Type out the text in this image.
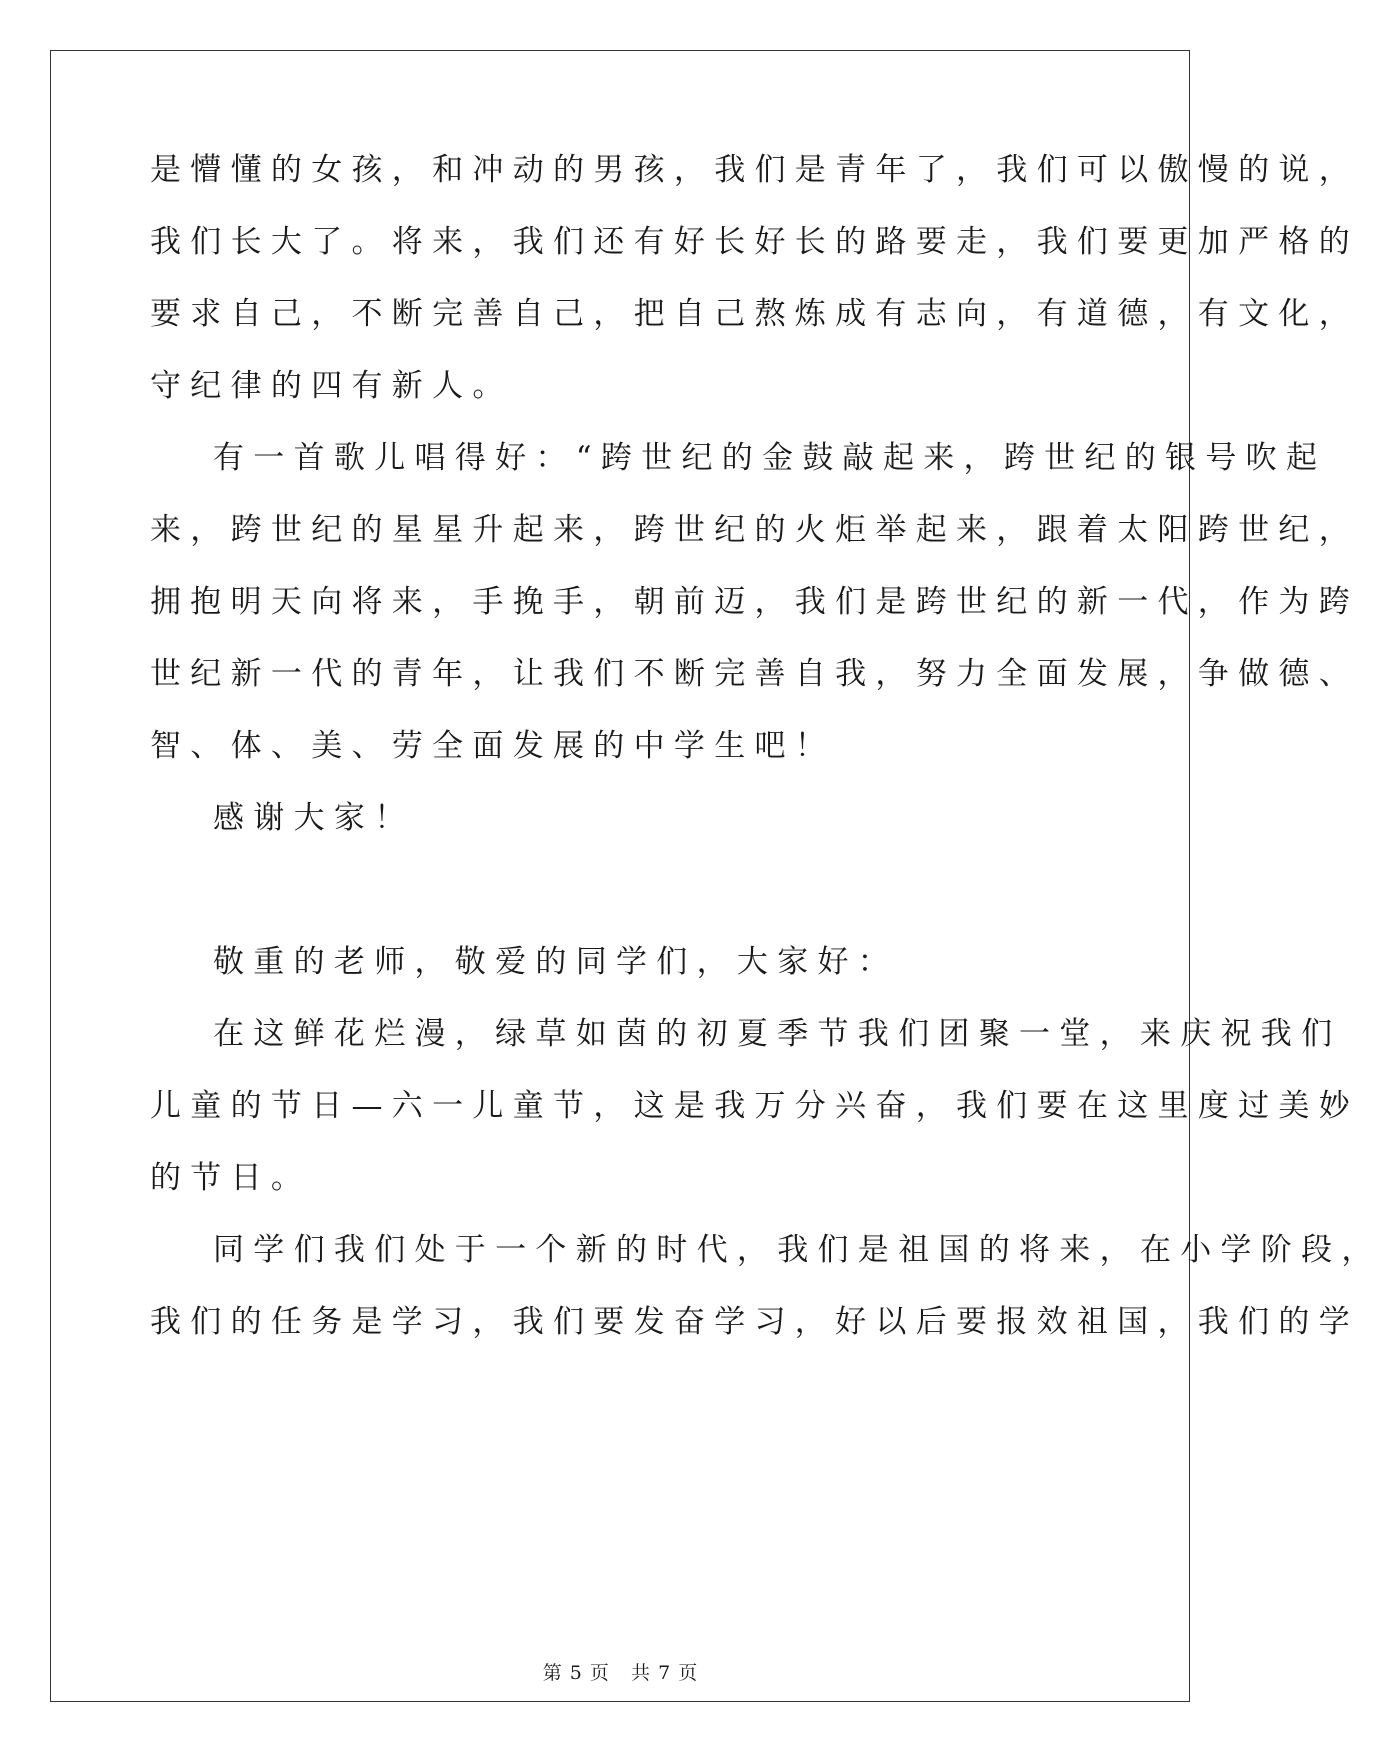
是懵懂的女孩，和冲动的男孩，我们是青年了，我们可以傲慢的说，
我们长大了。将来，我们还有好长好长的路要走，我们要更加严格的
要求自己，不断完善自己，把自己熬炼成有志向，有道德，有文化，
守纪律的四有新人。
有一首歌儿唱得好：“跨世纪的金鼓敲起来，跨世纪的银号吹起
来，跨世纪的星星升起来，跨世纪的火炬举起来，跟着太阳跨世纪，
拥抱明天向将来，手挽手，朝前迈，我们是跨世纪的新一代，作为跨
世纪新一代的青年，让我们不断完善自我，努力全面发展，争做德、
智、体、美、劳全面发展的中学生吧！
感谢大家！
敬重的老师，敬爱的同学们，大家好：
在这鲜花烂漫，绿草如茵的初夏季节我们团聚一堂，来庆祝我们
儿童的节日—六一儿童节，这是我万分兴奋，我们要在这里度过美妙
的节日。
同学们我们处于一个新的时代，我们是祖国的将来，在小学阶段，
我们的任务是学习，我们要发奋学习，好以后要报效祖国，我们的学
第 5 页   共 7 页
